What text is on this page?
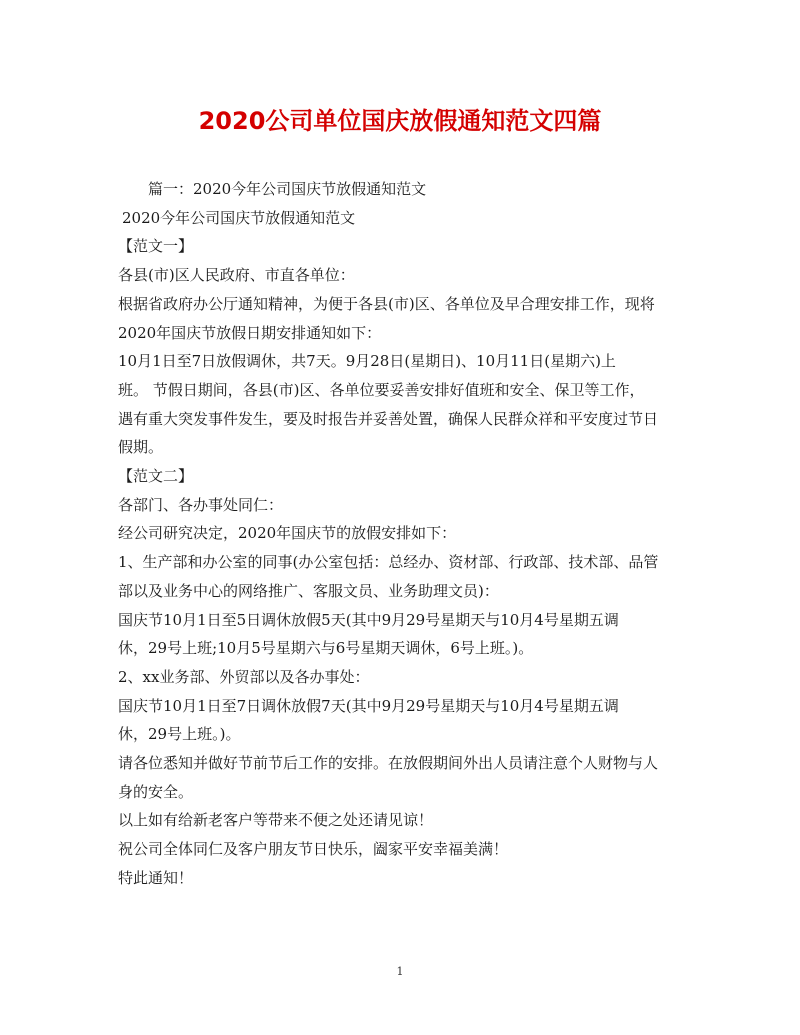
2020公司单位国庆放假通知范文四篇

篇一：2020今年公司国庆节放假通知范文

2020今年公司国庆节放假通知范文

【范文一】

各县(市)区人民政府、市直各单位：

根据省政府办公厅通知精神，为便于各县(市)区、各单位及早合理安排工作，现将

2020年国庆节放假日期安排通知如下：

10月1日至7日放假调休，共7天。9月28日(星期日)、10月11日(星期六)上

班。 节假日期间，各县(市)区、各单位要妥善安排好值班和安全、保卫等工作，

遇有重大突发事件发生，要及时报告并妥善处置，确保人民群众祥和平安度过节日

假期。

【范文二】

各部门、各办事处同仁：

经公司研究决定，2020年国庆节的放假安排如下：

1、生产部和办公室的同事(办公室包括：总经办、资材部、行政部、技术部、品管

部以及业务中心的网络推广、客服文员、业务助理文员)：

国庆节10月1日至5日调休放假5天(其中9月29号星期天与10月4号星期五调

休，29号上班;10月5号星期六与6号星期天调休，6号上班。)。

2、xx业务部、外贸部以及各办事处：

国庆节10月1日至7日调休放假7天(其中9月29号星期天与10月4号星期五调

休，29号上班。)。

请各位悉知并做好节前节后工作的安排。在放假期间外出人员请注意个人财物与人

身的安全。

以上如有给新老客户等带来不便之处还请见谅！

祝公司全体同仁及客户朋友节日快乐，阖家平安幸福美满！

特此通知！

1
